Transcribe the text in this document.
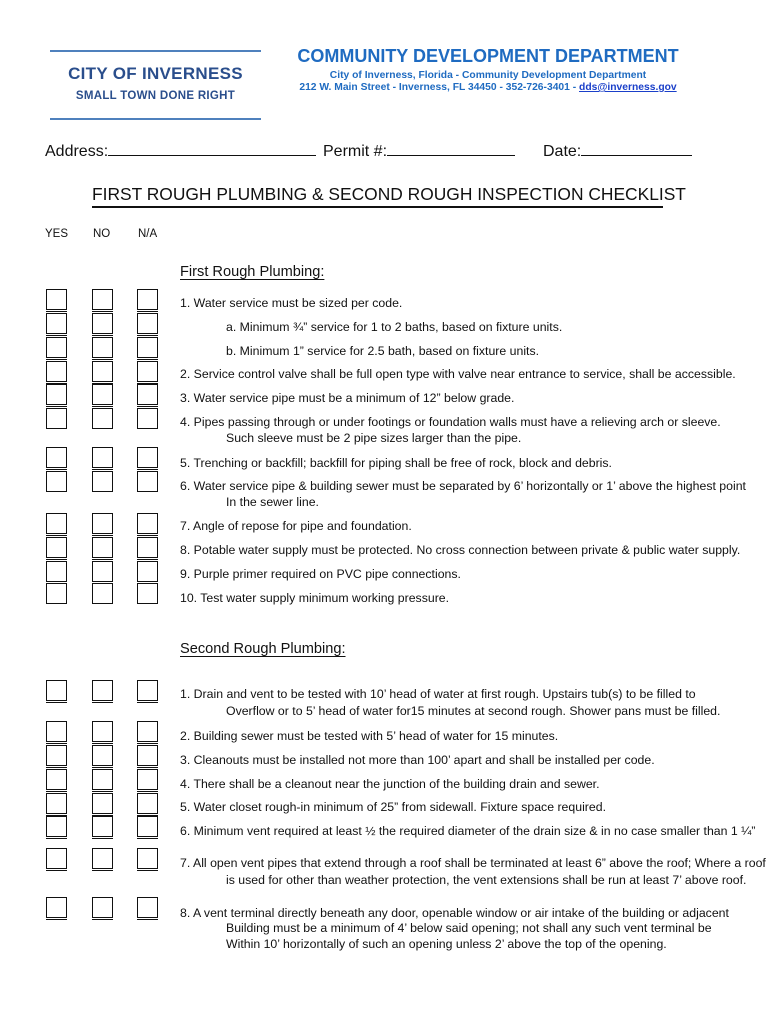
CITY OF INVERNESS
SMALL TOWN DONE RIGHT
COMMUNITY DEVELOPMENT DEPARTMENT
City of Inverness, Florida - Community Development Department
212 W. Main Street - Inverness, FL 34450 - 352-726-3401 - dds@inverness.gov
Address:	Permit #:	Date:
FIRST ROUGH PLUMBING & SECOND ROUGH INSPECTION CHECKLIST
YES NO N/A
First Rough Plumbing:
1. Water service must be sized per code.
a. Minimum ¾” service for 1 to 2 baths, based on fixture units.
b. Minimum 1” service for 2.5 bath, based on fixture units.
2. Service control valve shall be full open type with valve near entrance to service, shall be accessible.
3. Water service pipe must be a minimum of 12” below grade.
4. Pipes passing through or under footings or foundation walls must have a relieving arch or sleeve.
Such sleeve must be 2 pipe sizes larger than the pipe.
5. Trenching or backfill; backfill for piping shall be free of rock, block and debris.
6. Water service pipe & building sewer must be separated by 6’ horizontally or 1’ above the highest point
In the sewer line.
7. Angle of repose for pipe and foundation.
8. Potable water supply must be protected. No cross connection between private & public water supply.
9. Purple primer required on PVC pipe connections.
10. Test water supply minimum working pressure.
Second Rough Plumbing:
1. Drain and vent to be tested with 10’ head of water at first rough. Upstairs tub(s) to be filled to
Overflow or to 5’ head of water for15 minutes at second rough. Shower pans must be filled.
2. Building sewer must be tested with 5’ head of water for 15 minutes.
3. Cleanouts must be installed not more than 100’ apart and shall be installed per code.
4. There shall be a cleanout near the junction of the building drain and sewer.
5. Water closet rough-in minimum of 25” from sidewall. Fixture space required.
6. Minimum vent required at least ½ the required diameter of the drain size & in no case smaller than 1 ¼”
7. All open vent pipes that extend through a roof shall be terminated at least 6” above the roof; Where a roof
is used for other than weather protection, the vent extensions shall be run at least 7’ above roof.
8. A vent terminal directly beneath any door, openable window or air intake of the building or adjacent
Building must be a minimum of 4’ below said opening; not shall any such vent terminal be
Within 10’ horizontally of such an opening unless 2’ above the top of the opening.
